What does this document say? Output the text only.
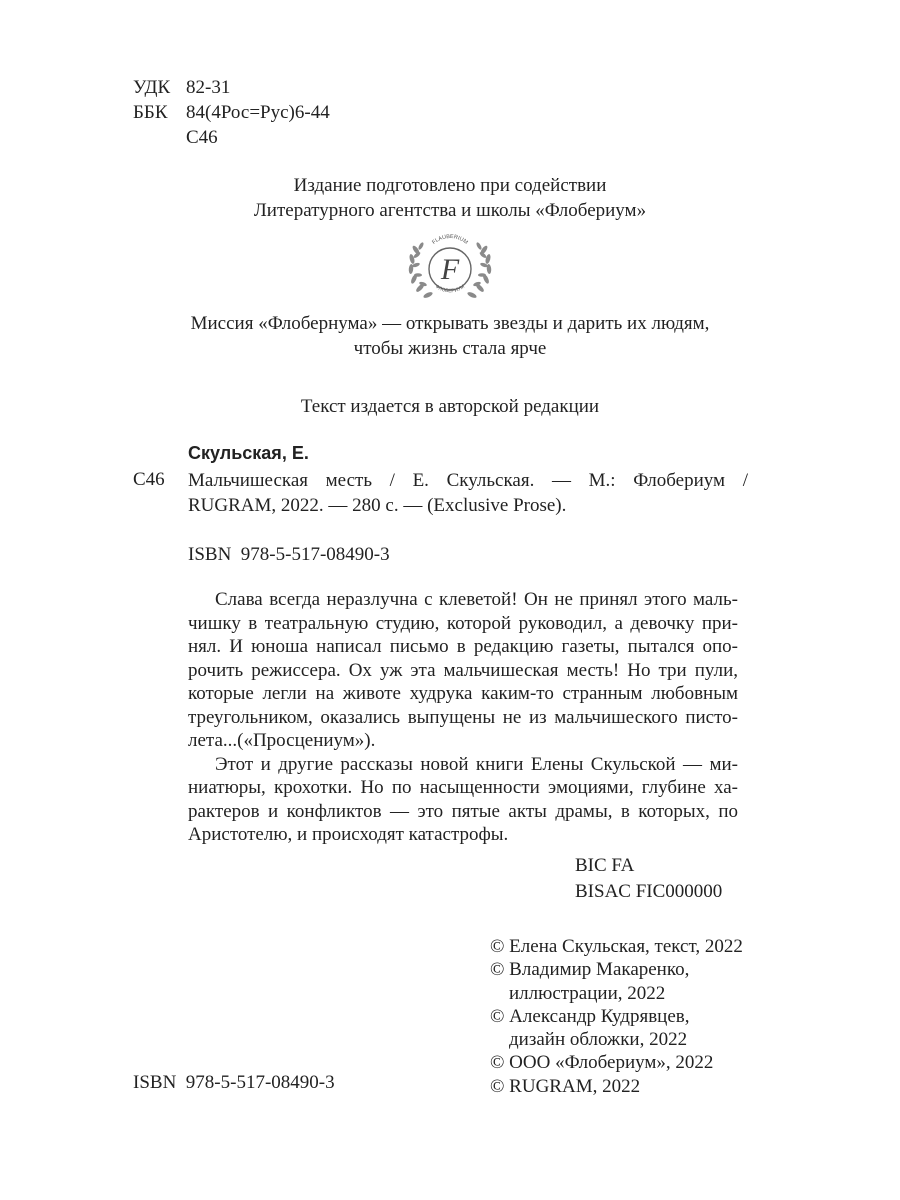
УДК 82-31
ББК 84(4Рос=Рус)6-44
С46
Издание подготовлено при содействии
Литературного агентства и школы «Флобериум»
FLAUBERIUM
ФЛОБЕРИУМ
F
Миссия «Флобернума» — открывать звезды и дарить их людям,
чтобы жизнь стала ярче
Текст издается в авторской редакции
Скульская, Е.
С46 Мальчишеская месть / Е. Скульская. — М.: Флобериум /
RUGRAM, 2022. — 280 с. — (Exclusive Prose).
ISBN  978-5-517-08490-3
Слава всегда неразлучна с клеветой! Он не принял этого маль-
чишку в театральную студию, которой руководил, а девочку при-
нял. И юноша написал письмо в редакцию газеты, пытался опо-
рочить режиссера. Ох уж эта мальчишеская месть! Но три пули,
которые легли на животе худрука каким-то странным любовным
треугольником, оказались выпущены не из мальчишеского писто-
лета...(«Просцениум»).
Этот и другие рассказы новой книги Елены Скульской — ми-
ниатюры, крохотки. Но по насыщенности эмоциями, глубине ха-
рактеров и конфликтов — это пятые акты драмы, в которых, по
Аристотелю, и происходят катастрофы.
BIC FA
BISAC FIC000000
© Елена Скульская, текст, 2022
© Владимир Макаренко,
иллюстрации, 2022
© Александр Кудрявцев,
дизайн обложки, 2022
© ООО «Флобериум», 2022
© RUGRAM, 2022
ISBN  978-5-517-08490-3
